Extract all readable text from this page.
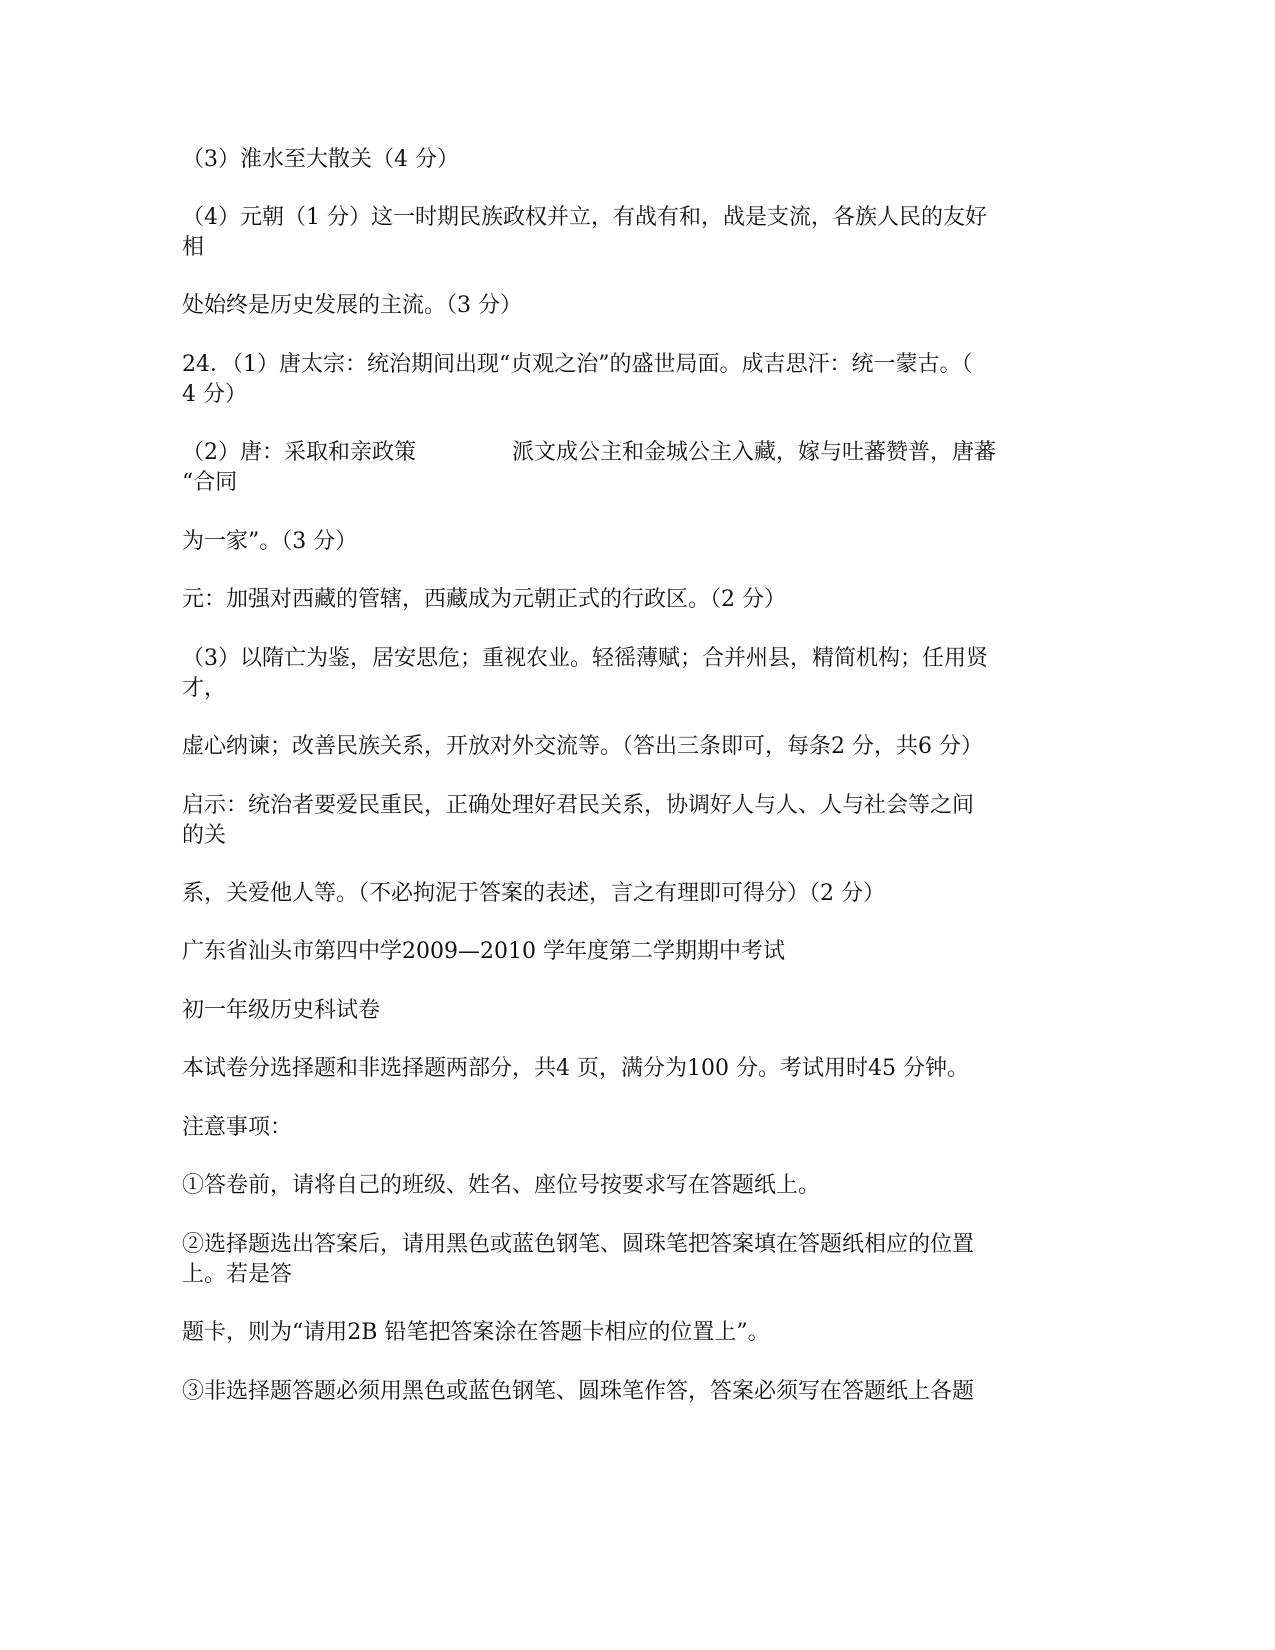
（3）淮水至大散关（4 分）
（4）元朝（1 分）这一时期民族政权并立，有战有和，战是支流，各族人民的友好
相
处始终是历史发展的主流。（3 分）
24．（1）唐太宗：统治期间出现“贞观之治”的盛世局面。成吉思汗：统一蒙古。（
4 分）
（2）唐：采取和亲政策	派文成公主和金城公主入藏，嫁与吐蕃赞普，唐蕃
“合同
为一家”。（3 分）
元：加强对西藏的管辖，西藏成为元朝正式的行政区。（2 分）
（3）以隋亡为鉴，居安思危；重视农业。轻徭薄赋；合并州县，精简机构；任用贤
才，
虚心纳谏；改善民族关系，开放对外交流等。（答出三条即可，每条2 分，共6 分）
启示：统治者要爱民重民，正确处理好君民关系，协调好人与人、人与社会等之间
的关
系，关爱他人等。（不必拘泥于答案的表述，言之有理即可得分）（2 分）
广东省汕头市第四中学2009—2010 学年度第二学期期中考试
初一年级历史科试卷
本试卷分选择题和非选择题两部分，共4 页，满分为100 分。考试用时45 分钟。
注意事项：
①答卷前，请将自己的班级、姓名、座位号按要求写在答题纸上。
②选择题选出答案后，请用黑色或蓝色钢笔、圆珠笔把答案填在答题纸相应的位置
上。若是答
题卡，则为“请用2B 铅笔把答案涂在答题卡相应的位置上”。
③非选择题答题必须用黑色或蓝色钢笔、圆珠笔作答，答案必须写在答题纸上各题
